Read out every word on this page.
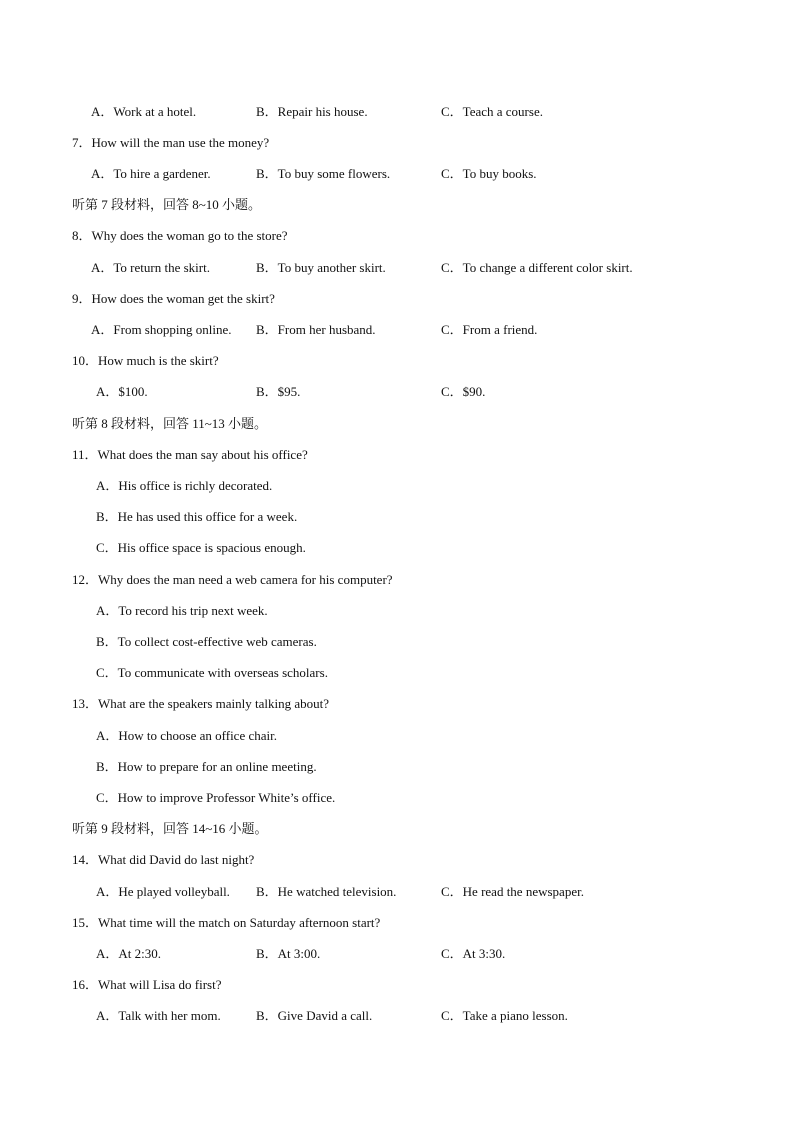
A．Work at a hotel.	B．Repair his house.	C．Teach a course.
7．How will the man use the money?
A．To hire a gardener.	B．To buy some flowers.	C．To buy books.
听第 7 段材料，回答 8~10 小题。
8．Why does the woman go to the store?
A．To return the skirt.	B．To buy another skirt.	C．To change a different color skirt.
9．How does the woman get the skirt?
A．From shopping online. B．From her husband.	C．From a friend.
10．How much is the skirt?
A．$100.	B．$95.	C．$90.
听第 8 段材料，回答 11~13 小题。
11．What does the man say about his office?
A．His office is richly decorated.
B．He has used this office for a week.
C．His office space is spacious enough.
12．Why does the man need a web camera for his computer?
A．To record his trip next week.
B．To collect cost-effective web cameras.
C．To communicate with overseas scholars.
13．What are the speakers mainly talking about?
A．How to choose an office chair.
B．How to prepare for an online meeting.
C．How to improve Professor White’s office.
听第 9 段材料，回答 14~16 小题。
14．What did David do last night?
A．He played volleyball. B．He watched television.	C．He read the newspaper.
15．What time will the match on Saturday afternoon start?
A．At 2:30.	B．At 3:00.	C．At 3:30.
16．What will Lisa do first?
A．Talk with her mom.	B．Give David a call.	C．Take a piano lesson.
